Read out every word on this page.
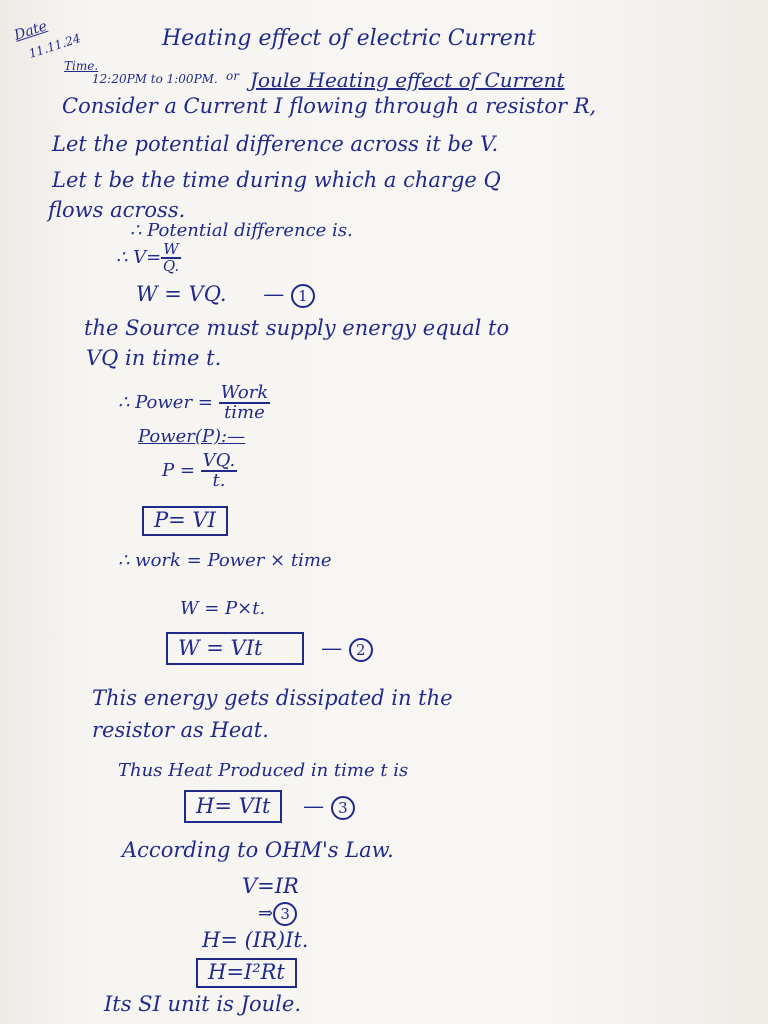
Date
11.11.24
Time.
12:20PM to 1:00PM. or
Heating effect of electric Current
Joule Heating effect of Current
Consider a Current I flowing through a resistor R,
Let the potential difference across it be V.
Let t be the time during which a charge Q
flows across.
∴ Potential difference is.
∴ $V= \frac{W}{Q.}$
W = VQ. — 1
the Source must supply energy equal to
VQ in time t.
∴ Power = $\frac{\text{Work}}{\text{time}}$
Power(P):—
$P = \frac{VQ.}{t.}$
P= VI
∴ work = Power × time
W = P×t.
W = VIt	— 2
This energy gets dissipated in the
resistor as Heat.
Thus Heat Produced in time t is
H= VIt — 3
According to OHM's Law.
V=IR
⇒ 3
H= (IR)It.
H=I²Rt
Its SI unit is Joule.
